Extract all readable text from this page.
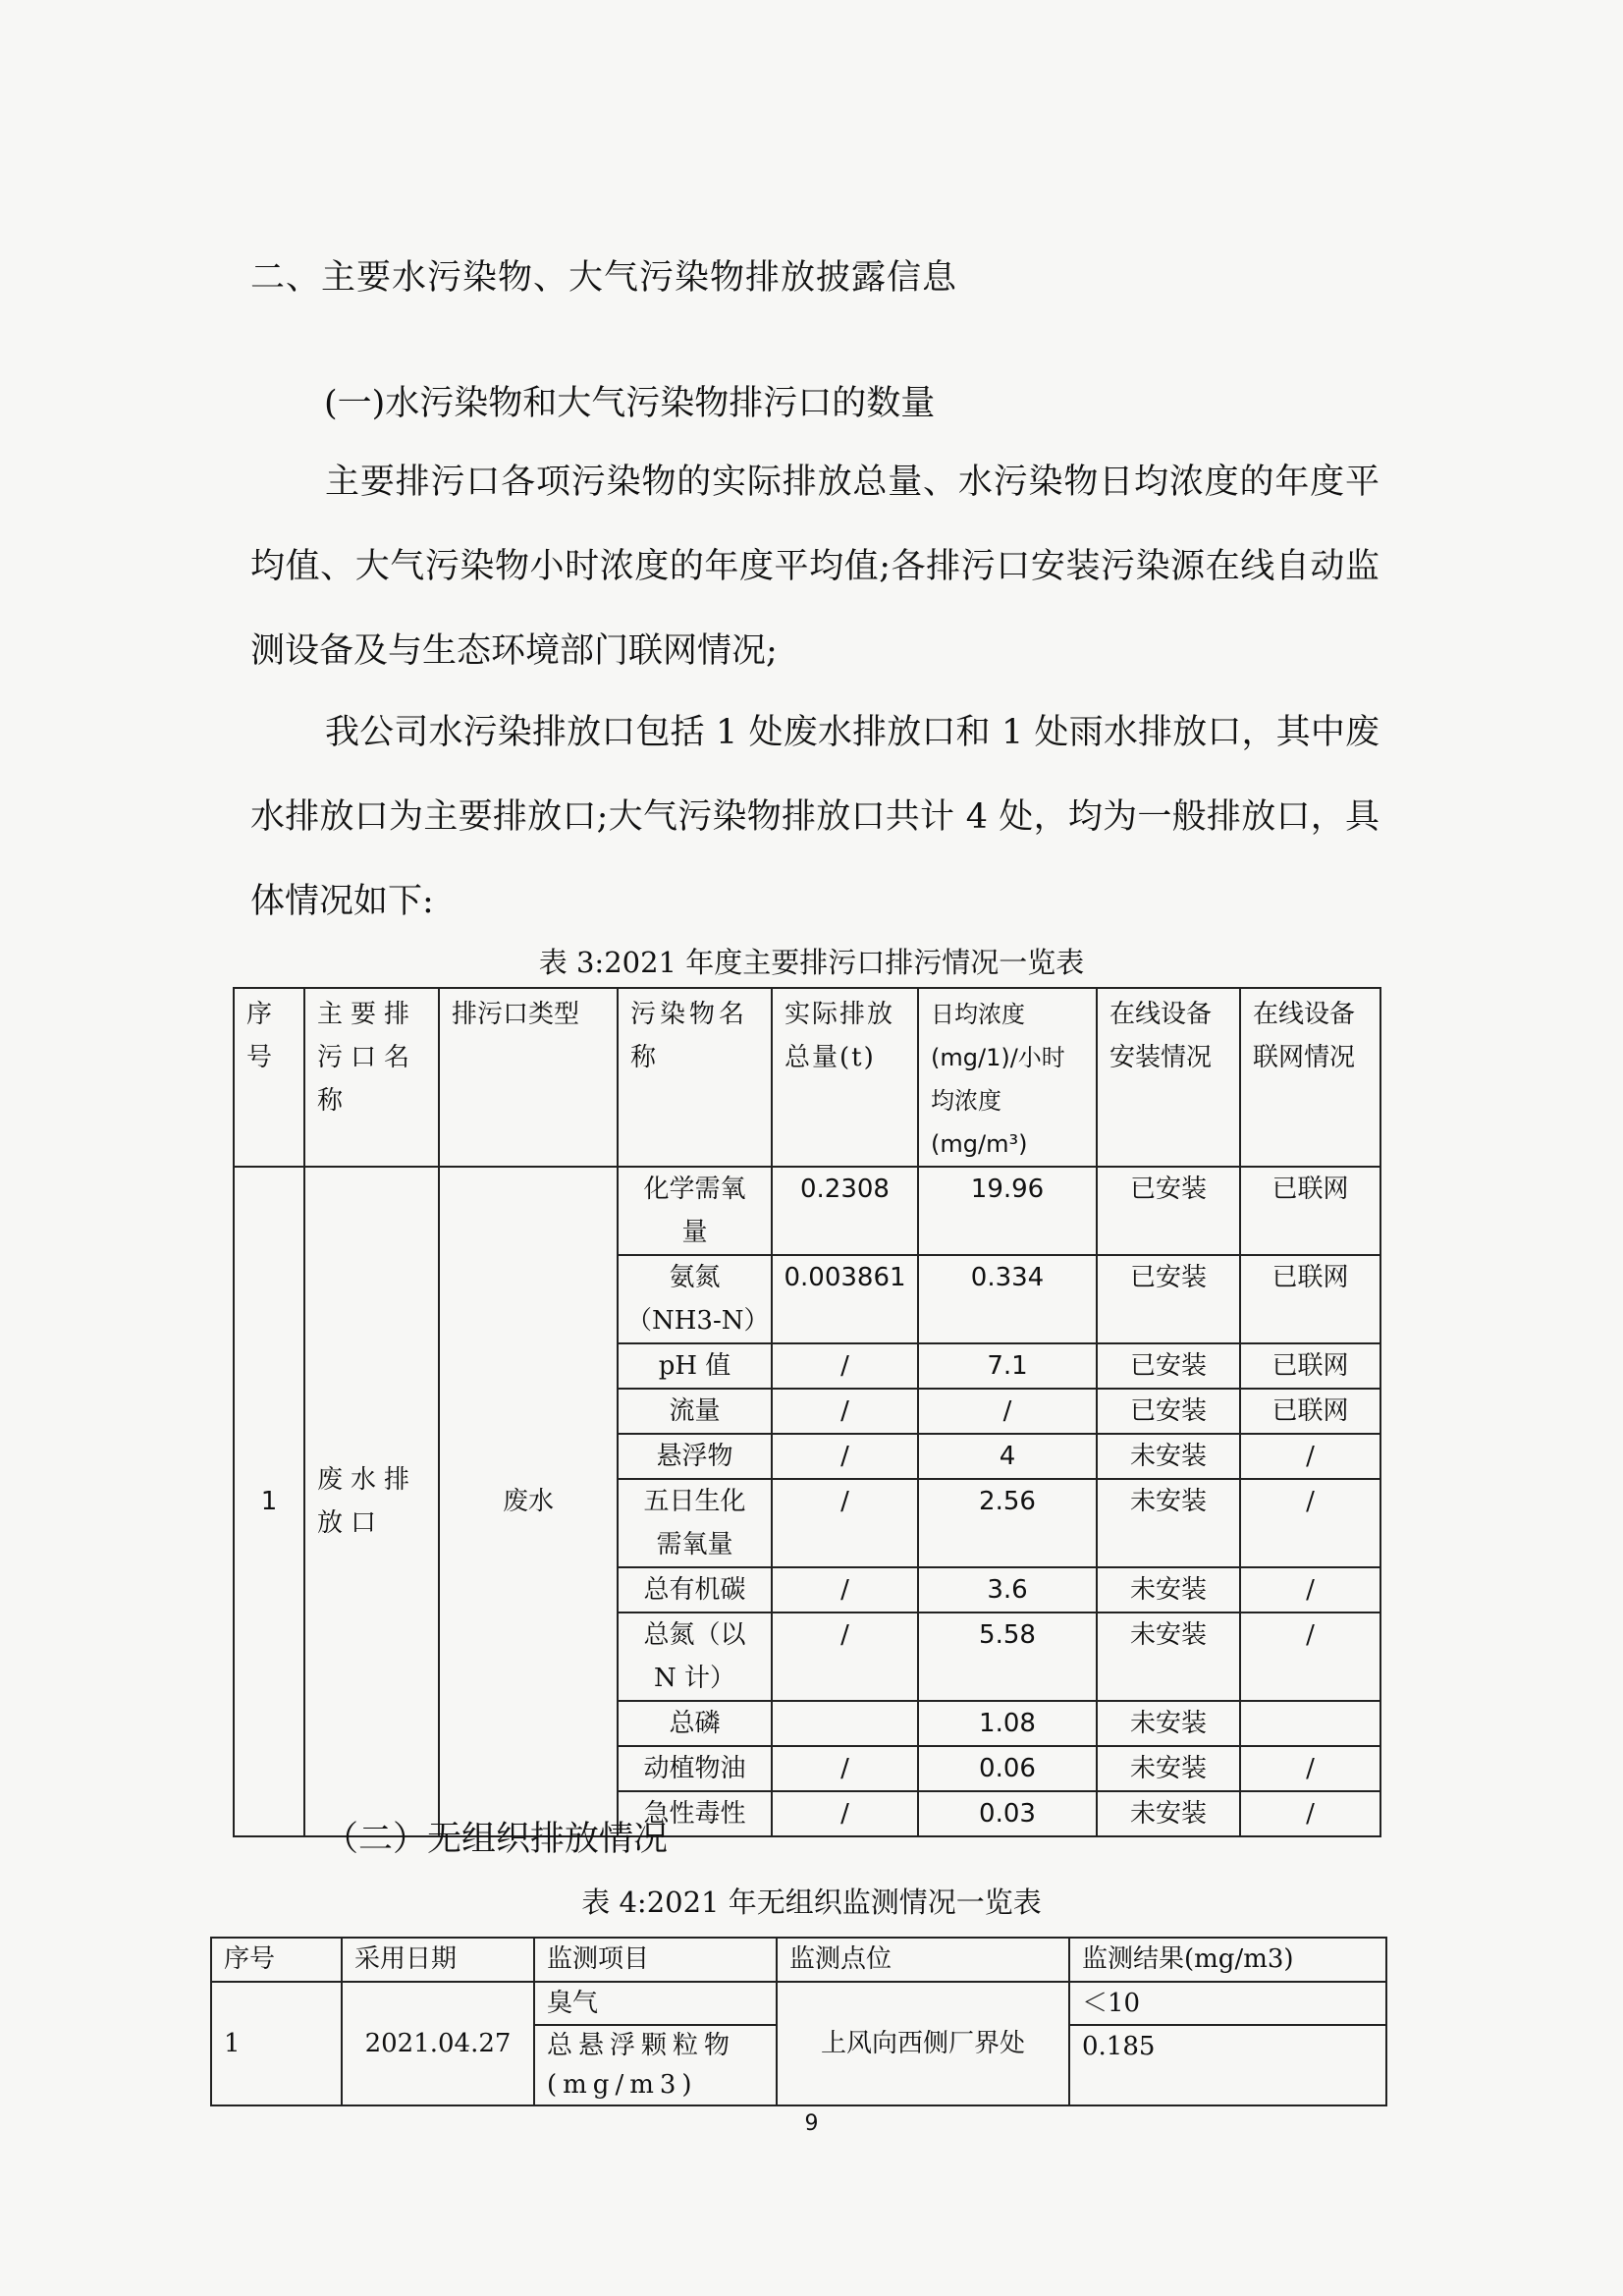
二、主要水污染物、大气污染物排放披露信息
(一)水污染物和大气污染物排污口的数量
主要排污口各项污染物的实际排放总量、水污染物日均浓度的年度平均值、大气污染物小时浓度的年度平均值;各排污口安装污染源在线自动监测设备及与生态环境部门联网情况;
我公司水污染排放口包括 1 处废水排放口和 1 处雨水排放口，其中废水排放口为主要排放口;大气污染物排放口共计 4 处，均为一般排放口，具体情况如下:
表 3:2021 年度主要排污口排污情况一览表
序号	主要排污口名称	排污口类型	污染物名称	实际排放总量(t)	日均浓度(mg/1)/小时均浓度(mg/m³)	在线设备安装情况	在线设备联网情况
1	废水排放口	废水	化学需氧量	0.2308	19.96	已安装	已联网
			氨氮（NH3-N）	0.003861	0.334	已安装	已联网
			pH 值	/	7.1	已安装	已联网
			流量	/	/	已安装	已联网
			悬浮物	/	4	未安装	/
			五日生化需氧量	/	2.56	未安装	/
			总有机碳	/	3.6	未安装	/
			总氮（以 N 计）	/	5.58	未安装	/
			总磷		1.08	未安装	
			动植物油	/	0.06	未安装	/
			急性毒性	/	0.03	未安装	/
（二）无组织排放情况
表 4:2021 年无组织监测情况一览表
序号	采用日期	监测项目	监测点位	监测结果(mg/m3)
1	2021.04.27	臭气	上风向西侧厂界处	＜10
		总悬浮颗粒物(mg/m3)		0.185
9
